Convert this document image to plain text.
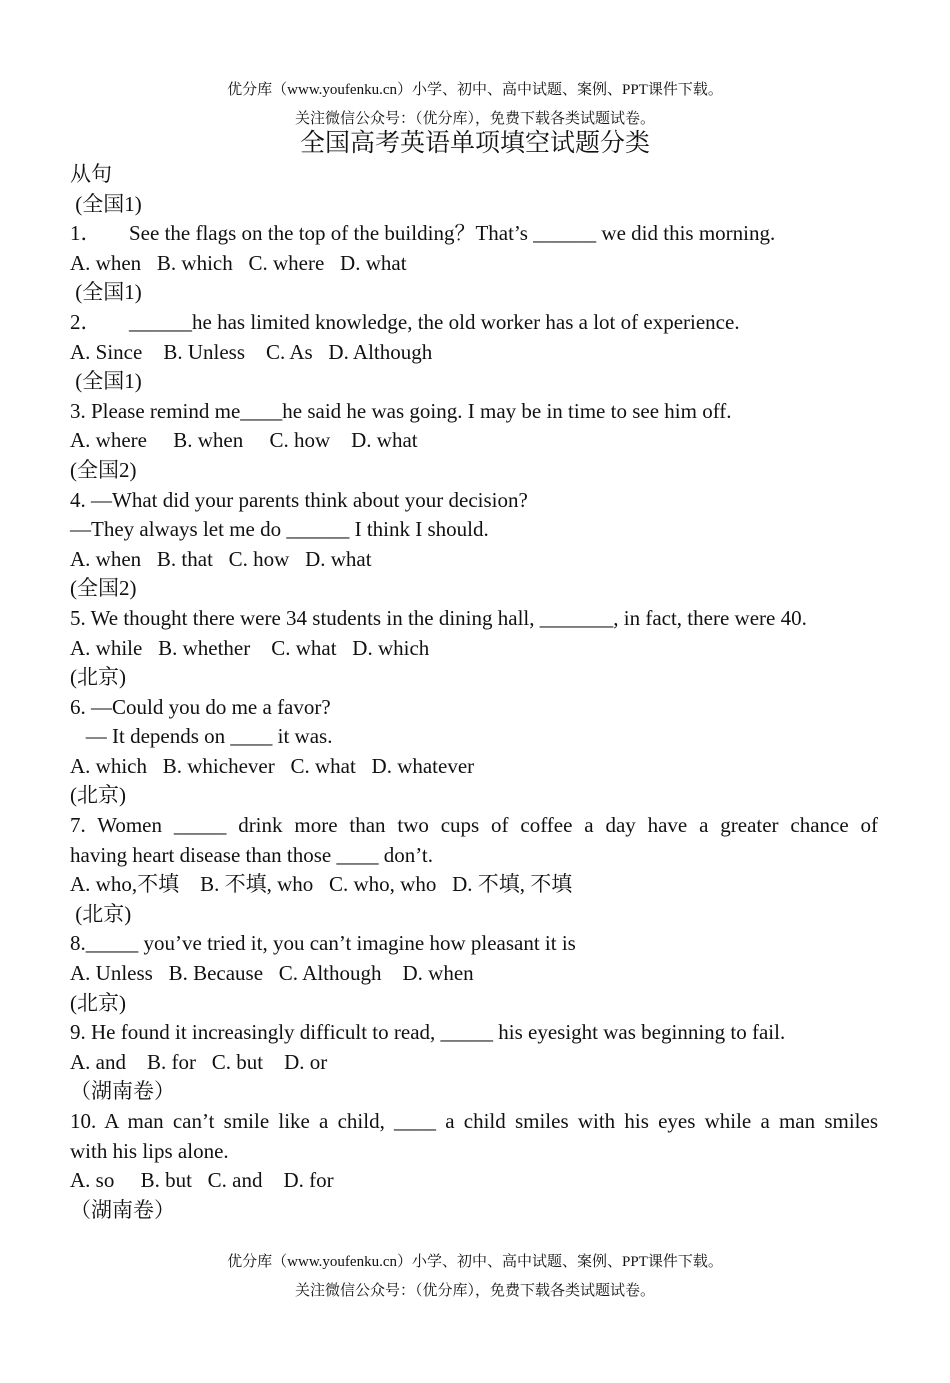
优分库（www.youfenku.cn）小学、初中、高中试题、案例、PPT课件下载。
关注微信公众号：（优分库），免费下载各类试题试卷。
全国高考英语单项填空试题分类
从句
(全国1)
1． See the flags on the top of the building？That’s ______ we did this morning.
A. when   B. which   C. where   D. what
(全国1)
2． ______he has limited knowledge, the old worker has a lot of experience.
A. Since    B. Unless    C. As   D. Although
(全国1)
3. Please remind me____he said he was going. I may be in time to see him off.
A. where     B. when     C. how    D. what
(全国2)
4. —What did your parents think about your decision?
—They always let me do ______ I think I should.
A. when   B. that   C. how   D. what
(全国2)
5. We thought there were 34 students in the dining hall, _______, in fact, there were 40.
A. while   B. whether    C. what   D. which
(北京)
6. —Could you do me a favor?
— It depends on ____ it was.
A. which   B. whichever   C. what   D. whatever
(北京)
7. Women _____ drink more than two cups of coffee a day have a greater chance of
having heart disease than those ____ don’t.
A. who,不填    B. 不填, who   C. who, who   D. 不填, 不填
(北京)
8._____ you’ve tried it, you can’t imagine how pleasant it is
A. Unless   B. Because   C. Although    D. when
(北京)
9. He found it increasingly difficult to read, _____ his eyesight was beginning to fail.
A. and    B. for   C. but    D. or
（湖南卷）
10. A man can’t smile like a child, ____ a child smiles with his eyes while a man smiles
with his lips alone.
A. so     B. but   C. and    D. for
（湖南卷）
优分库（www.youfenku.cn）小学、初中、高中试题、案例、PPT课件下载。
关注微信公众号：（优分库），免费下载各类试题试卷。
